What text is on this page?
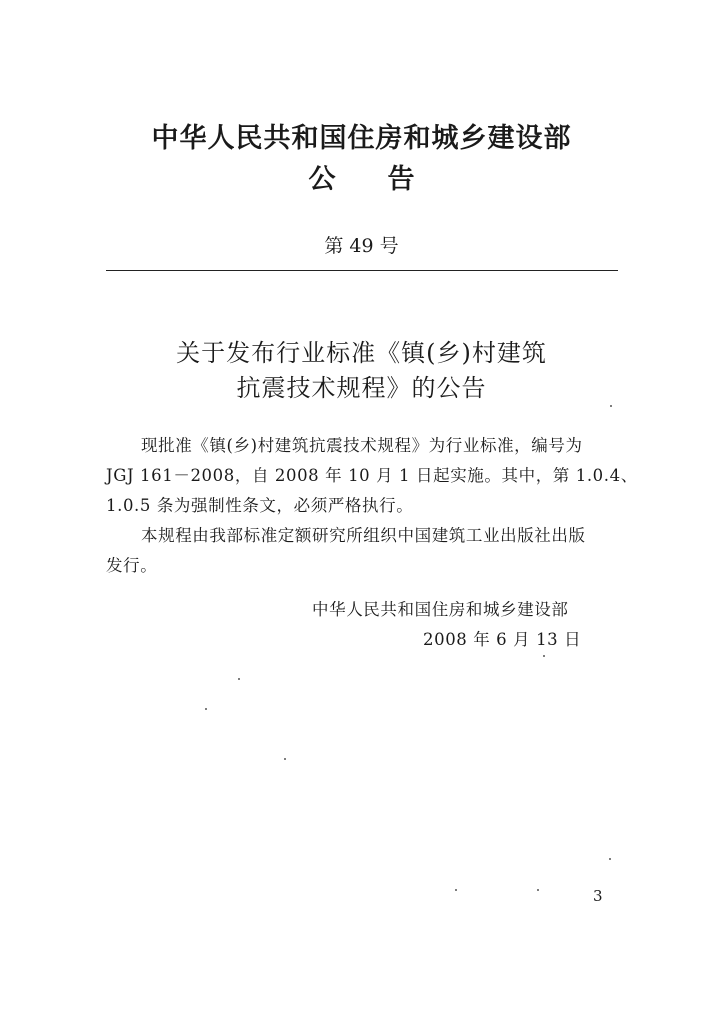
中华人民共和国住房和城乡建设部
公 告
第 49 号
关于发布行业标准《镇(乡)村建筑
抗震技术规程》的公告
现批准《镇(乡)村建筑抗震技术规程》为行业标准，编号为
JGJ 161－2008，自 2008 年 10 月 1 日起实施。其中，第 1.0.4、
1.0.5 条为强制性条文，必须严格执行。
本规程由我部标准定额研究所组织中国建筑工业出版社出版
发行。
中华人民共和国住房和城乡建设部
2008 年 6 月 13 日
3
